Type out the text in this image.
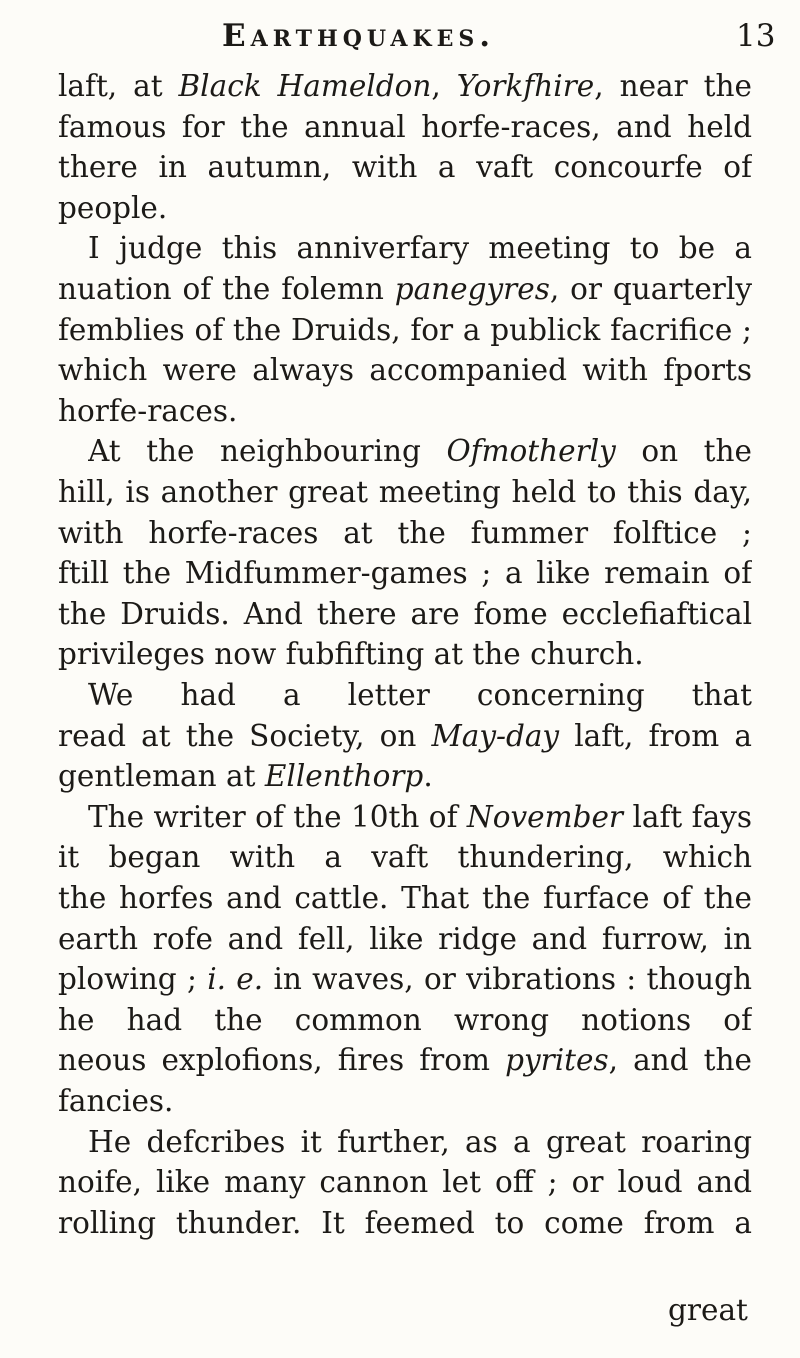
Earthquakes.	13
laft, at Black Hameldon, Yorkfhire, near the
famous for the annual horfe-races, and held
there in autumn, with a vaft concourfe of
people.
I judge this anniverfary meeting to be a
nuation of the folemn panegyres, or quarterly
femblies of the Druids, for a publick facrifice ;
which were always accompanied with fports
horfe-races.
At the neighbouring Ofmotherly on the
hill, is another great meeting held to this day,
with horfe-races at the fummer folftice ;
ftill the Midfummer-games ; a like remain of
the Druids. And there are fome ecclefiaftical
privileges now fubfifting at the church.
We had a letter concerning that
read at the Society, on May-day laft, from a
gentleman at Ellenthorp.
The writer of the 10th of November laft fays
it began with a vaft thundering, which
the horfes and cattle. That the furface of the
earth rofe and fell, like ridge and furrow, in
plowing ; i. e. in waves, or vibrations : though
he had the common wrong notions of
neous explofions, fires from pyrites, and the
fancies.
He defcribes it further, as a great roaring
noife, like many cannon let off ; or loud and
rolling thunder. It feemed to come from a
great
